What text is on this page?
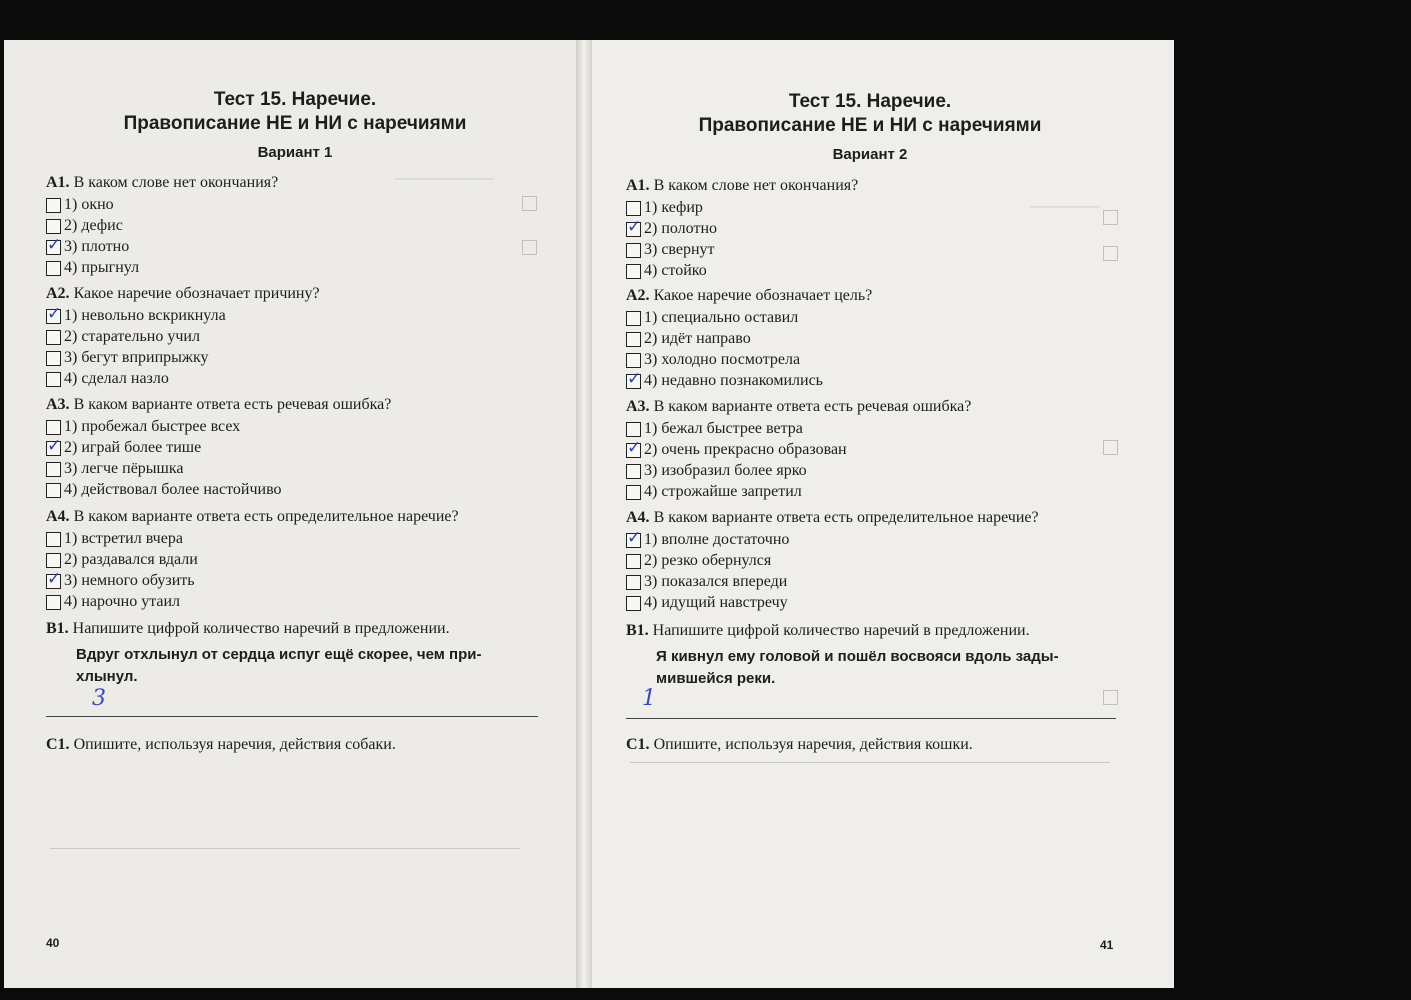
──────────
───────
Тест 15. Наречие.
Правописание НЕ и НИ с наречиями
Вариант 1
А1. В каком слове нет окончания?
1) окно
2) дефис
✓
3) плотно
4) прыгнул
А2. Какое наречие обозначает причину?
✓
1) невольно вскрикнула
2) старательно учил
3) бегут вприпрыжку
4) сделал назло
А3. В каком варианте ответа есть речевая ошибка?
1) пробежал быстрее всех
✓
2) играй более тише
3) легче пёрышка
4) действовал более настойчиво
А4. В каком варианте ответа есть определительное наречие?
1) встретил вчера
2) раздавался вдали
✓
3) немного обузить
4) нарочно утаил
В1. Напишите цифрой количество наречий в предложении.
Вдруг отхлынул от сердца испуг ещё скорее, чем при-
хлынул.
3
С1. Опишите, используя наречия, действия собаки.
40
Тест 15. Наречие.
Правописание НЕ и НИ с наречиями
Вариант 2
А1. В каком слове нет окончания?
1) кефир
✓
2) полотно
3) свернут
4) стойко
А2. Какое наречие обозначает цель?
1) специально оставил
2) идёт направо
3) холодно посмотрела
✓
4) недавно познакомились
А3. В каком варианте ответа есть речевая ошибка?
1) бежал быстрее ветра
✓
2) очень прекрасно образован
3) изобразил более ярко
4) строжайше запретил
А4. В каком варианте ответа есть определительное наречие?
✓
1) вполне достаточно
2) резко обернулся
3) показался впереди
4) идущий навстречу
В1. Напишите цифрой количество наречий в предложении.
Я кивнул ему головой и пошёл восвояси вдоль зады-
мившейся реки.
1
С1. Опишите, используя наречия, действия кошки.
41
